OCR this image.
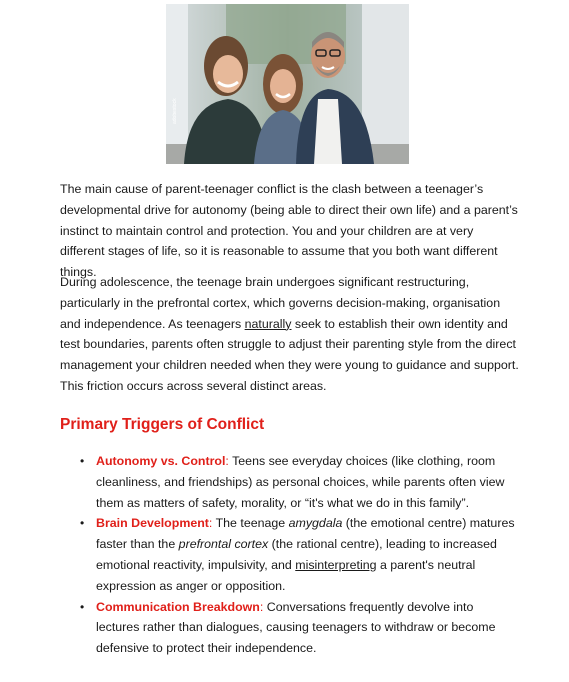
adobestock

The main cause of parent-teenager conflict is the clash between a teenager’s developmental drive for autonomy (being able to direct their own life) and a parent’s instinct to maintain control and protection. You and your children are at very different stages of life, so it is reasonable to assume that you both want different things.

During adolescence, the teenage brain undergoes significant restructuring, particularly in the prefrontal cortex, which governs decision-making, organisation and independence. As teenagers naturally seek to establish their own identity and test boundaries, parents often struggle to adjust their parenting style from the direct management your children needed when they were young to guidance and support. This friction occurs across several distinct areas.

Primary Triggers of Conflict
• Autonomy vs. Control: Teens see everyday choices (like clothing, room cleanliness, and friendships) as personal choices, while parents often view them as matters of safety, morality, or “it's what we do in this family”.
• Brain Development: The teenage amygdala (the emotional centre) matures faster than the prefrontal cortex (the rational centre), leading to increased emotional reactivity, impulsivity, and misinterpreting a parent's neutral expression as anger or opposition.
• Communication Breakdown: Conversations frequently devolve into lectures rather than dialogues, causing teenagers to withdraw or become defensive to protect their independence.
